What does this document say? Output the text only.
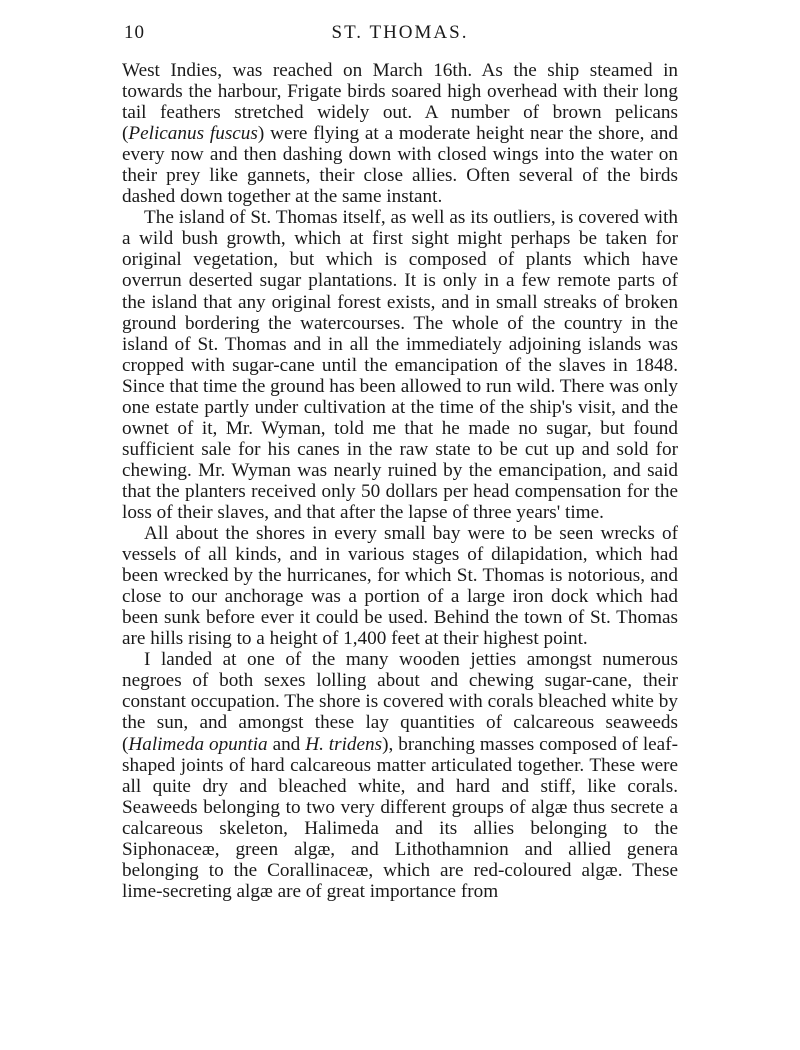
10	ST. THOMAS.

West Indies, was reached on March 16th. As the ship steamed in towards the harbour, Frigate birds soared high overhead with their long tail feathers stretched widely out. A number of brown pelicans (Pelicanus fuscus) were flying at a moderate height near the shore, and every now and then dashing down with closed wings into the water on their prey like gannets, their close allies. Often several of the birds dashed down together at the same instant.

The island of St. Thomas itself, as well as its outliers, is covered with a wild bush growth, which at first sight might perhaps be taken for original vegetation, but which is composed of plants which have overrun deserted sugar plantations. It is only in a few remote parts of the island that any original forest exists, and in small streaks of broken ground bordering the watercourses. The whole of the country in the island of St. Thomas and in all the immediately adjoining islands was cropped with sugar-cane until the emancipation of the slaves in 1848. Since that time the ground has been allowed to run wild. There was only one estate partly under cultivation at the time of the ship's visit, and the ownet of it, Mr. Wyman, told me that he made no sugar, but found sufficient sale for his canes in the raw state to be cut up and sold for chewing. Mr. Wyman was nearly ruined by the emancipation, and said that the planters received only 50 dollars per head compensation for the loss of their slaves, and that after the lapse of three years' time.

All about the shores in every small bay were to be seen wrecks of vessels of all kinds, and in various stages of dilapidation, which had been wrecked by the hurricanes, for which St. Thomas is notorious, and close to our anchorage was a portion of a large iron dock which had been sunk before ever it could be used. Behind the town of St. Thomas are hills rising to a height of 1,400 feet at their highest point.

I landed at one of the many wooden jetties amongst numerous negroes of both sexes lolling about and chewing sugar-cane, their constant occupation. The shore is covered with corals bleached white by the sun, and amongst these lay quantities of calcareous seaweeds (Halimeda opuntia and H. tridens), branching masses composed of leaf-shaped joints of hard calcareous matter articulated together. These were all quite dry and bleached white, and hard and stiff, like corals. Seaweeds belonging to two very different groups of algæ thus secrete a calcareous skeleton, Halimeda and its allies belonging to the Siphonaceæ, green algæ, and Lithothamnion and allied genera belonging to the Corallinaceæ, which are red-coloured algæ. These lime-secreting algæ are of great importance from
